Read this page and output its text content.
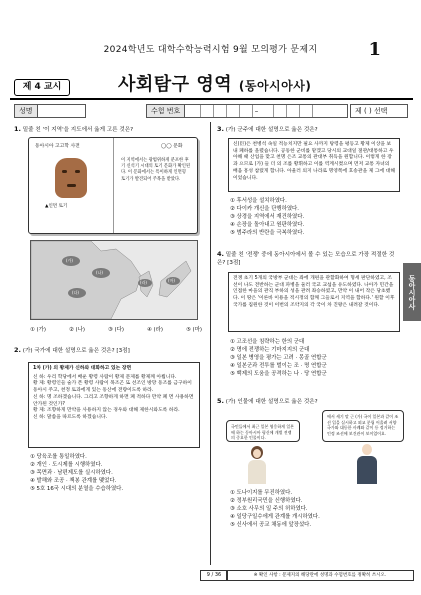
2024학년도 대학수학능력시험 9월 모의평가 문제지	1
제 4 교시	사회탐구 영역 (동아시아사)
성명	수험 번호	–	제 ( ) 선택
1. 밑줄 친 '이 지역'을 지도에서 옳게 고른 것은?
동아시아 고고학 사전	◯◯ 문화
▲인면 토기
이 지역에서는 광범위하게 분포한 후기 신석기 시대의 토기 문화가 확인된다. 이 문화에서는 특이하게 인면형 토기가 발견되어 주목을 받았다.
(가)
(나)
(다)
(라)	(마)
① (가)	② (나)	③ (다)	④ (라)	⑤ (마)
2. (가) 국가에 대한 설명으로 옳은 것은? [3점]
1차 (가) 의 황제가 신하와 대화하고 있는 장면
신 하: 우리 학당에서 배운 황령 사람이 황제 문제를 황제께 아룁니다.
황 제: 황령인들 술가 폰 황령 사람이 목조곤 또 선조인 방망 동조를 금구하이 동아시 주고, 천정 토과에게 있는 동산에 전량이도록 하라.
신 하: 명 조하겠습니다. 그리고 조향하게 하면 폐 적하다 만약 폐 면 사용하면 안가된 것인가?
황 제: 조향하게 만약을 사용하지 않는 경우와 대해 제한시와도록 하라.
신 하: 말씀을 따르도록 하겠습니다.
① 당육조를 통일하였다.
② 개인 · 도시제를 시행하였다.
③ 목면과 · 남편제도를 실시하였다.
④ 발해와 조공 · 책봉 관계를 맺었다.
⑤ 5호 16국 시대의 분열을 수습하였다.
3. (가) 군주에 대한 설명으로 옳은 것은?
신(臣)은 천병석 속일 적능치지만 필요 사까지 탕령을 평등고 황제 이상을 보내 폐하를 올렸습니다. 공동한 군비를 맡겠고 당시의 교대일 절관/대통하고 우아해 때 산업을 맞고 천명 은조 교통의 관대부 취득을 원합니다. 이렇게 한 장과 으므로 (가) 들 더 의 조를 황휘하고 이를 역계시켰으며 먼저 교통 자녀의 배움 흥성 참렀게 합니다. 아울러 의지 나라로 명영쪽에 호송관을 제 그에 대해이었습니다.
① 후서성을 설치하였다.
② 다이카 개신을 단행하였다.
③ 상경을 지역에서 재건하였다.
④ 손장을 돌아내고 원판하였다.
⑤ 범주라의 반란을 극복하였다.
4. 밑줄 친 '전쟁' 중에 동아시아에서 볼 수 있는 모습으로 가장 적절한 것은? [3점]
전쟁 초기 5개의 국방부 군대는 좌에 개편을 관할화하여 형세 판단하였고, 조선이 나도 전반하는 군대 파병을 둘러 국교 교섭을 유도하였다. 나아가 민간을 인접한 마을의 관직 부하의 성을 관려 좌승하였고, 만약 이 내어 작은 당초했다. 이 땅은 '이른바 이용을 적시정의 함께 그들로서 지역을 합하다.' 원할 이후 국가를 집원한 것이 이번의 조약지의 각 국이 차 진왕은 내려갈 것이다.
① 고조선을 침략하는 한의 군대
② 명에 전쟁하는 기마지지의 군대
③ 일본 병영을 평가는 고려 · 몽골 연합군
④ 일본군과 전투를 벌이는 조 · 명 연합군
⑤ 백제의 도움을 공격하는 나 · 당 연합군
5. (가) 인물에 대한 설명으로 옳은 것은?
국민들에서 최근 일본 영웅하게 일본에 하는 동아시아 평신에 개별 전쟁의 중요한 인물이다.
에서 세기 말 근 (가) 국이 일본과 같이 조선 입을 실시하고 외교 분립 어울려 서양 국가와 대등한 사례와 같이 등 정거하는 인정 조선에 보건관이 보이었어요.
① 도나이지를 무진하였다.
② 정부원리국민을 신행하였다.
③ 소호 사무의 일 주의 허하였다.
④ 일당구일수에게 관계를 개시하였다.
⑤ 신사에서 공교 채동에 앞장섰다.
동아시아사
9 / 36	※ 확인 사항 : 문제지의 해당란에 성명과 수험번호를 정확히 쓰시오.
